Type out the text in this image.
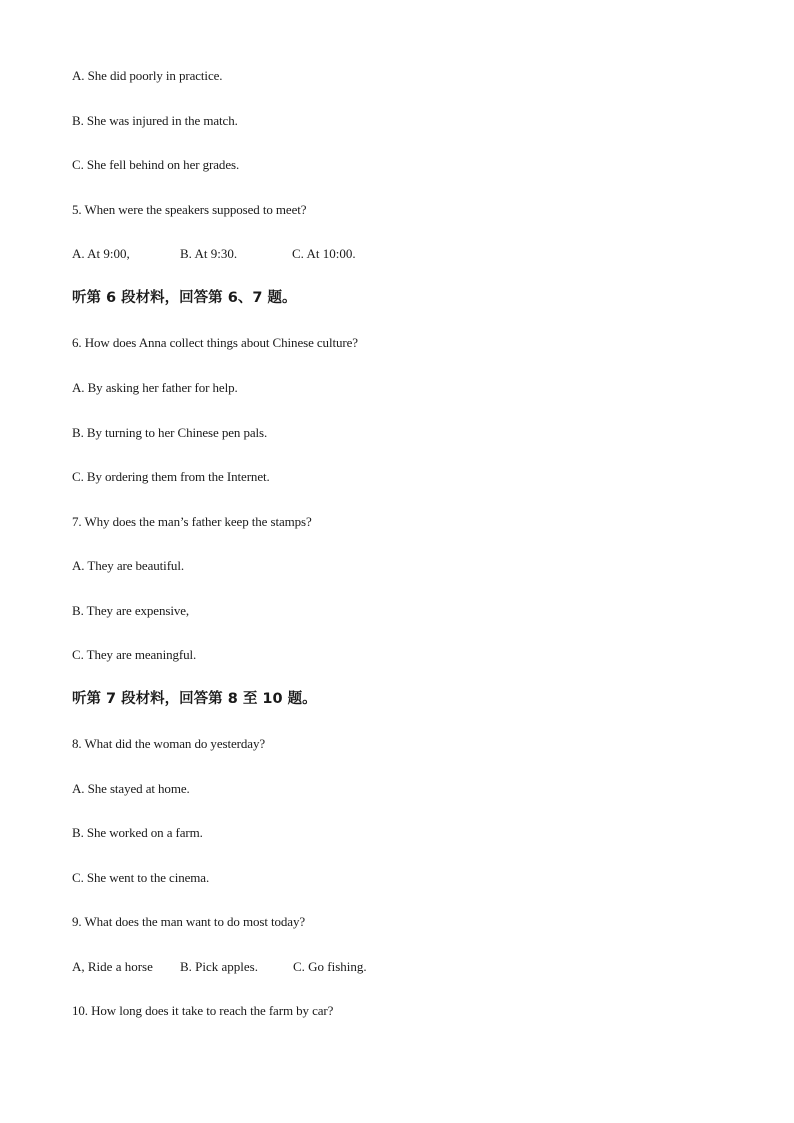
A. She did poorly in practice.
B. She was injured in the match.
C. She fell behind on her grades.
5. When were the speakers supposed to meet?
A. At 9:00,	B. At 9:30.	C. At 10:00.
听第 6 段材料，回答第 6、7 题。
6. How does Anna collect things about Chinese culture?
A. By asking her father for help.
B. By turning to her Chinese pen pals.
C. By ordering them from the Internet.
7. Why does the man’s father keep the stamps?
A. They are beautiful.
B. They are expensive,
C. They are meaningful.
听第 7 段材料，回答第 8 至 10 题。
8. What did the woman do yesterday?
A. She stayed at home.
B. She worked on a farm.
C. She went to the cinema.
9. What does the man want to do most today?
A, Ride a horse B. Pick apples.	C. Go fishing.
10. How long does it take to reach the farm by car?
